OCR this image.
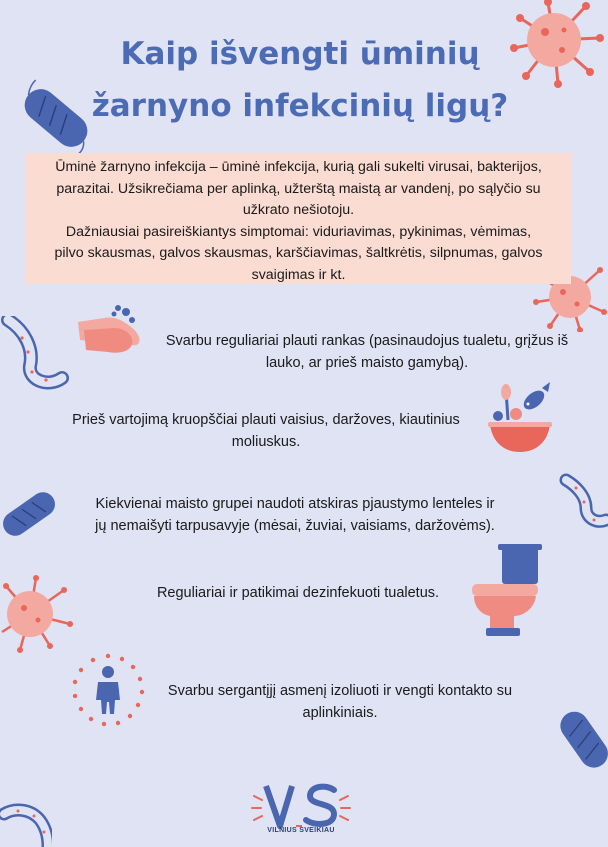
Kaip išvengti ūminių
žarnyno infekcinių ligų?

Ūminė žarnyno infekcija – ūminė infekcija, kurią gali sukelti virusai, bakterijos,

parazitai. Užsikrečiama per aplinką, užterštą maistą ar vandenį, po sąlyčio su

užkrato nešiotoju.

Dažniausiai pasireiškiantys simptomai: viduriavimas, pykinimas, vėmimas,

pilvo skausmas, galvos skausmas, karščiavimas, šaltkrėtis, silpnumas, galvos

svaigimas ir kt.

Svarbu reguliariai plauti rankas (pasinaudojus tualetu, grįžus iš
lauko, ar prieš maisto gamybą).
Prieš vartojimą kruopščiai plauti vaisius, daržoves, kiautinius
moliuskus.
Kiekvienai maisto grupei naudoti atskiras pjaustymo lenteles ir
jų nemaišyti tarpusavyje (mėsai, žuviai, vaisiams, daržovėms).
Reguliariai ir patikimai dezinfekuoti tualetus.
Svarbu sergantįjį asmenį izoliuoti ir vengti kontakto su
aplinkiniais.
VILNIUS SVEIKIAU
